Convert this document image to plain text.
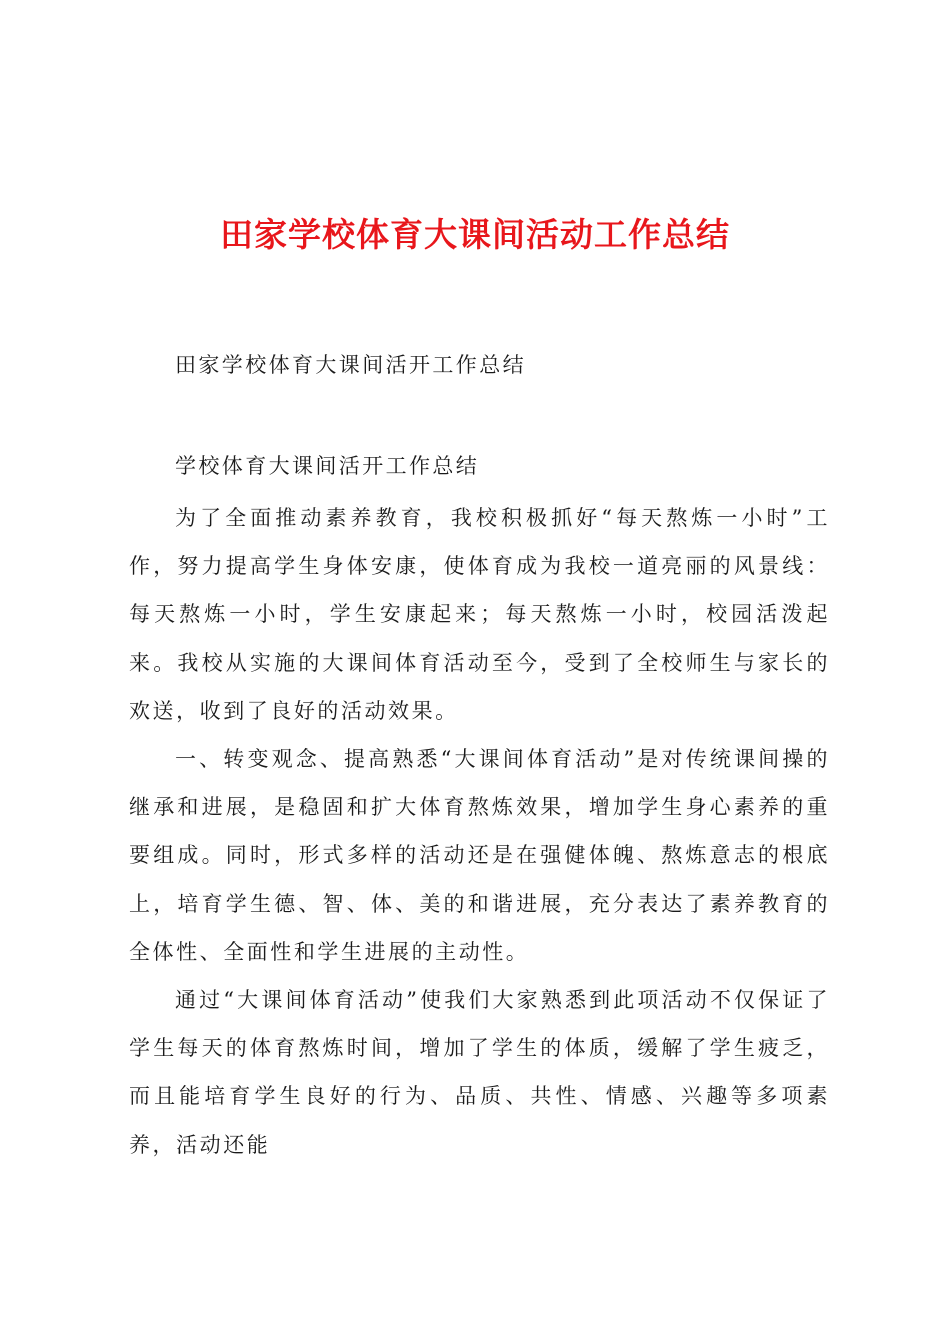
田家学校体育大课间活动工作总结
田家学校体育大课间活开工作总结
学校体育大课间活开工作总结

为了全面推动素养教育，我校积极抓好“每天熬炼一小时”工作，努力提高学生身体安康，使体育成为我校一道亮丽的风景线：每天熬炼一小时，学生安康起来；每天熬炼一小时，校园活泼起来。我校从实施的大课间体育活动至今，受到了全校师生与家长的欢送，收到了良好的活动效果。

一、转变观念、提高熟悉“大课间体育活动”是对传统课间操的继承和进展，是稳固和扩大体育熬炼效果，增加学生身心素养的重要组成。同时，形式多样的活动还是在强健体魄、熬炼意志的根底上，培育学生德、智、体、美的和谐进展，充分表达了素养教育的全体性、全面性和学生进展的主动性。

通过“大课间体育活动”使我们大家熟悉到此项活动不仅保证了学生每天的体育熬炼时间，增加了学生的体质，缓解了学生疲乏，而且能培育学生良好的行为、品质、共性、情感、兴趣等多项素养，活动还能
